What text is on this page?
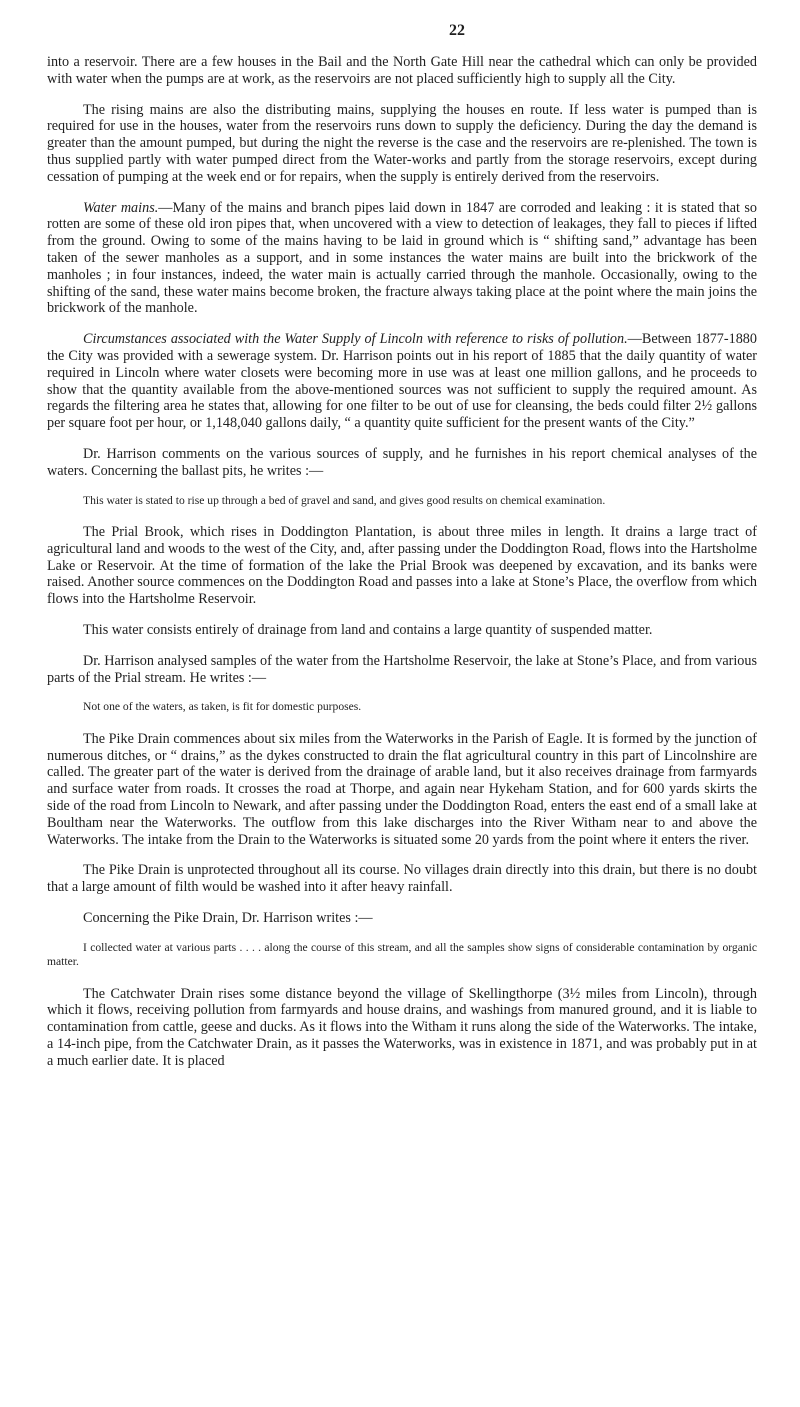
22

into a reservoir. There are a few houses in the Bail and the North Gate Hill near the cathedral which can only be provided with water when the pumps are at work, as the reservoirs are not placed sufficiently high to supply all the City.

The rising mains are also the distributing mains, supplying the houses en route. If less water is pumped than is required for use in the houses, water from the reservoirs runs down to supply the deficiency. During the day the demand is greater than the amount pumped, but during the night the reverse is the case and the reservoirs are re-plenished. The town is thus supplied partly with water pumped direct from the Water-works and partly from the storage reservoirs, except during cessation of pumping at the week end or for repairs, when the supply is entirely derived from the reservoirs.

Water mains.—Many of the mains and branch pipes laid down in 1847 are corroded and leaking : it is stated that so rotten are some of these old iron pipes that, when uncovered with a view to detection of leakages, they fall to pieces if lifted from the ground. Owing to some of the mains having to be laid in ground which is “ shifting sand,” advantage has been taken of the sewer manholes as a support, and in some instances the water mains are built into the brickwork of the manholes ; in four instances, indeed, the water main is actually carried through the manhole. Occasionally, owing to the shifting of the sand, these water mains become broken, the fracture always taking place at the point where the main joins the brickwork of the manhole.

Circumstances associated with the Water Supply of Lincoln with reference to risks of pollution.—Between 1877-1880 the City was provided with a sewerage system. Dr. Harrison points out in his report of 1885 that the daily quantity of water required in Lincoln where water closets were becoming more in use was at least one million gallons, and he proceeds to show that the quantity available from the above-mentioned sources was not sufficient to supply the required amount. As regards the filtering area he states that, allowing for one filter to be out of use for cleansing, the beds could filter 2½ gallons per square foot per hour, or 1,148,040 gallons daily, “ a quantity quite sufficient for the present wants of the City.”

Dr. Harrison comments on the various sources of supply, and he furnishes in his report chemical analyses of the waters. Concerning the ballast pits, he writes :—

This water is stated to rise up through a bed of gravel and sand, and gives good results on chemical examination.

The Prial Brook, which rises in Doddington Plantation, is about three miles in length. It drains a large tract of agricultural land and woods to the west of the City, and, after passing under the Doddington Road, flows into the Hartsholme Lake or Reservoir. At the time of formation of the lake the Prial Brook was deepened by excavation, and its banks were raised. Another source commences on the Doddington Road and passes into a lake at Stone’s Place, the overflow from which flows into the Hartsholme Reservoir.

This water consists entirely of drainage from land and contains a large quantity of suspended matter.

Dr. Harrison analysed samples of the water from the Hartsholme Reservoir, the lake at Stone’s Place, and from various parts of the Prial stream. He writes :—

Not one of the waters, as taken, is fit for domestic purposes.

The Pike Drain commences about six miles from the Waterworks in the Parish of Eagle. It is formed by the junction of numerous ditches, or “ drains,” as the dykes constructed to drain the flat agricultural country in this part of Lincolnshire are called. The greater part of the water is derived from the drainage of arable land, but it also receives drainage from farmyards and surface water from roads. It crosses the road at Thorpe, and again near Hykeham Station, and for 600 yards skirts the side of the road from Lincoln to Newark, and after passing under the Doddington Road, enters the east end of a small lake at Boultham near the Waterworks. The outflow from this lake discharges into the River Witham near to and above the Waterworks. The intake from the Drain to the Waterworks is situated some 20 yards from the point where it enters the river.

The Pike Drain is unprotected throughout all its course. No villages drain directly into this drain, but there is no doubt that a large amount of filth would be washed into it after heavy rainfall.

Concerning the Pike Drain, Dr. Harrison writes :—

I collected water at various parts . . . . along the course of this stream, and all the samples show signs of considerable contamination by organic matter.

The Catchwater Drain rises some distance beyond the village of Skellingthorpe (3½ miles from Lincoln), through which it flows, receiving pollution from farmyards and house drains, and washings from manured ground, and it is liable to contamination from cattle, geese and ducks. As it flows into the Witham it runs along the side of the Waterworks. The intake, a 14-inch pipe, from the Catchwater Drain, as it passes the Waterworks, was in existence in 1871, and was probably put in at a much earlier date. It is placed
